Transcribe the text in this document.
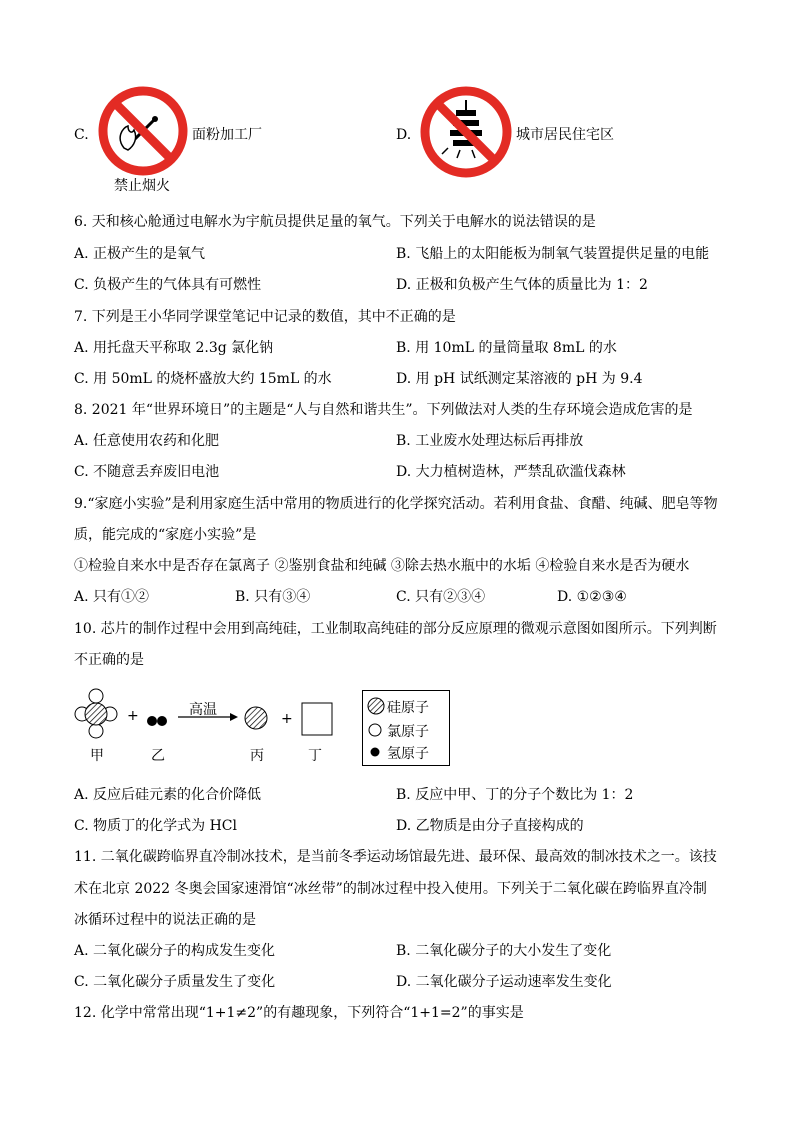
C.	面粉加工厂
禁止烟火
D.	城市居民住宅区
6. 天和核心舱通过电解水为宇航员提供足量的氧气。下列关于电解水的说法错误的是
A. 正极产生的是氧气	B. 飞船上的太阳能板为制氧气装置提供足量的电能
C. 负极产生的气体具有可燃性	D. 正极和负极产生气体的质量比为 1：2
7. 下列是王小华同学课堂笔记中记录的数值，其中不正确的是
A. 用托盘天平称取 2.3g 氯化钠	B. 用 10mL 的量筒量取 8mL 的水
C. 用 50mL 的烧杯盛放大约 15mL 的水	D. 用 pH 试纸测定某溶液的 pH 为 9.4
8. 2021 年“世界环境日”的主题是“人与自然和谐共生”。下列做法对人类的生存环境会造成危害的是
A. 任意使用农药和化肥	B. 工业废水处理达标后再排放
C. 不随意丢弃废旧电池	D. 大力植树造林，严禁乱砍滥伐森林
9.“家庭小实验”是利用家庭生活中常用的物质进行的化学探究活动。若利用食盐、食醋、纯碱、肥皂等物
质，能完成的“家庭小实验”是
①检验自来水中是否存在氯离子 ②鉴别食盐和纯碱 ③除去热水瓶中的水垢 ④检验自来水是否为硬水
A. 只有①②	B. 只有③④	C. 只有②③④	D. ①②③④
10. 芯片的制作过程中会用到高纯硅，工业制取高纯硅的部分反应原理的微观示意图如图所示。下列判断
不正确的是
+	+
高温
甲	乙	丙	丁
硅原子
氯原子
氢原子
A. 反应后硅元素的化合价降低	B. 反应中甲、丁的分子个数比为 1：2
C. 物质丁的化学式为 HCl	D. 乙物质是由分子直接构成的
11. 二氧化碳跨临界直冷制冰技术，是当前冬季运动场馆最先进、最环保、最高效的制冰技术之一。该技
术在北京 2022 冬奥会国家速滑馆“冰丝带”的制冰过程中投入使用。下列关于二氧化碳在跨临界直冷制
冰循环过程中的说法正确的是
A. 二氧化碳分子的构成发生变化	B. 二氧化碳分子的大小发生了变化
C. 二氧化碳分子质量发生了变化	D. 二氧化碳分子运动速率发生变化
12. 化学中常常出现“1+1≠2”的有趣现象，下列符合“1+1=2”的事实是
